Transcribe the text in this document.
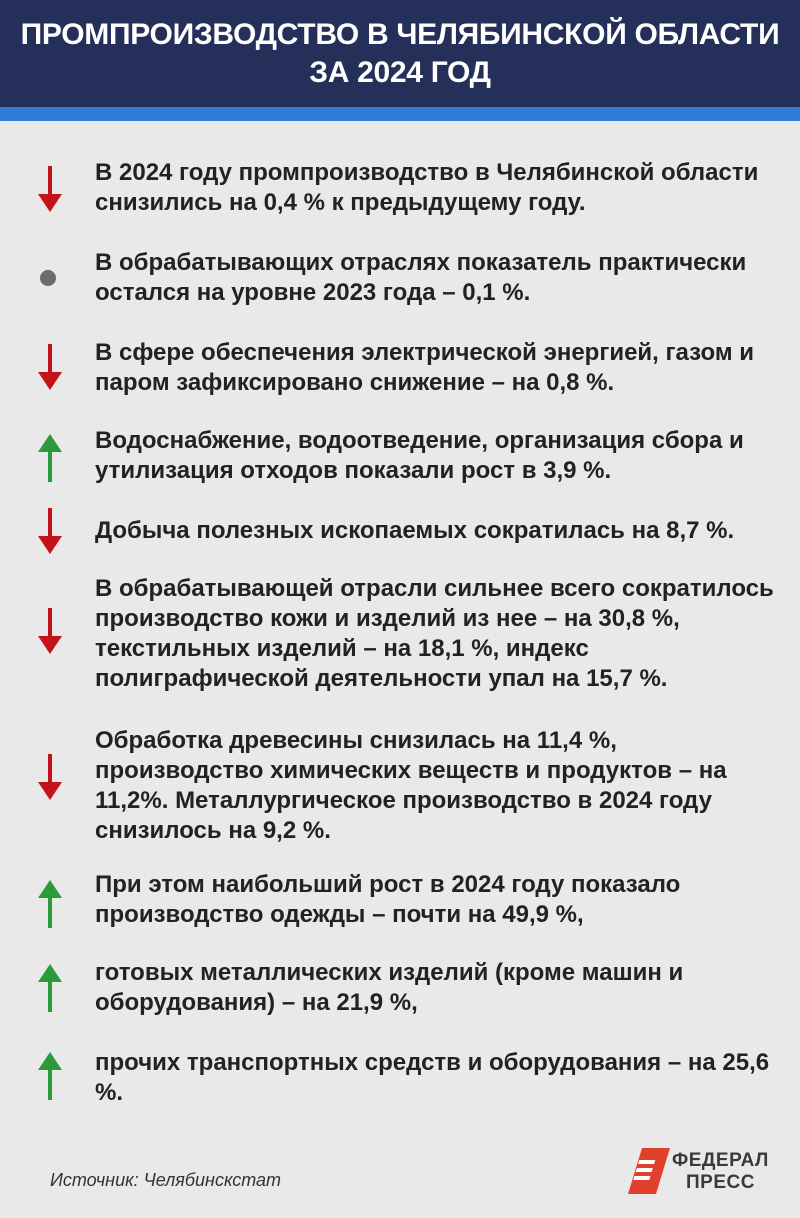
ПРОМПРОИЗВОДСТВО В ЧЕЛЯБИНСКОЙ ОБЛАСТИ ЗА 2024 ГОД
В 2024 году промпроизводство в Челябинской области снизились на 0,4 % к предыдущему году.
В обрабатывающих отраслях показатель практически остался на уровне 2023 года – 0,1 %.
В сфере обеспечения электрической энергией, газом и паром зафиксировано снижение – на 0,8 %.
Водоснабжение, водоотведение, организация сбора и утилизация отходов показали рост в 3,9 %.
Добыча полезных ископаемых сократилась на 8,7 %.
В обрабатывающей отрасли сильнее всего сократилось производство кожи и изделий из нее – на 30,8 %, текстильных изделий – на 18,1 %, индекс полиграфической деятельности упал на 15,7 %.
Обработка древесины снизилась на 11,4 %, производство химических веществ и продуктов – на 11,2%. Металлургическое производство в 2024 году снизилось на 9,2 %.
При этом наибольший рост в 2024 году показало производство одежды – почти на 49,9 %,
готовых металлических изделий (кроме машин и оборудования) – на 21,9 %,
прочих транспортных средств и оборудования – на 25,6 %.
Источник: Челябинскстат
ФЕДЕРАЛ
ПРЕСС
